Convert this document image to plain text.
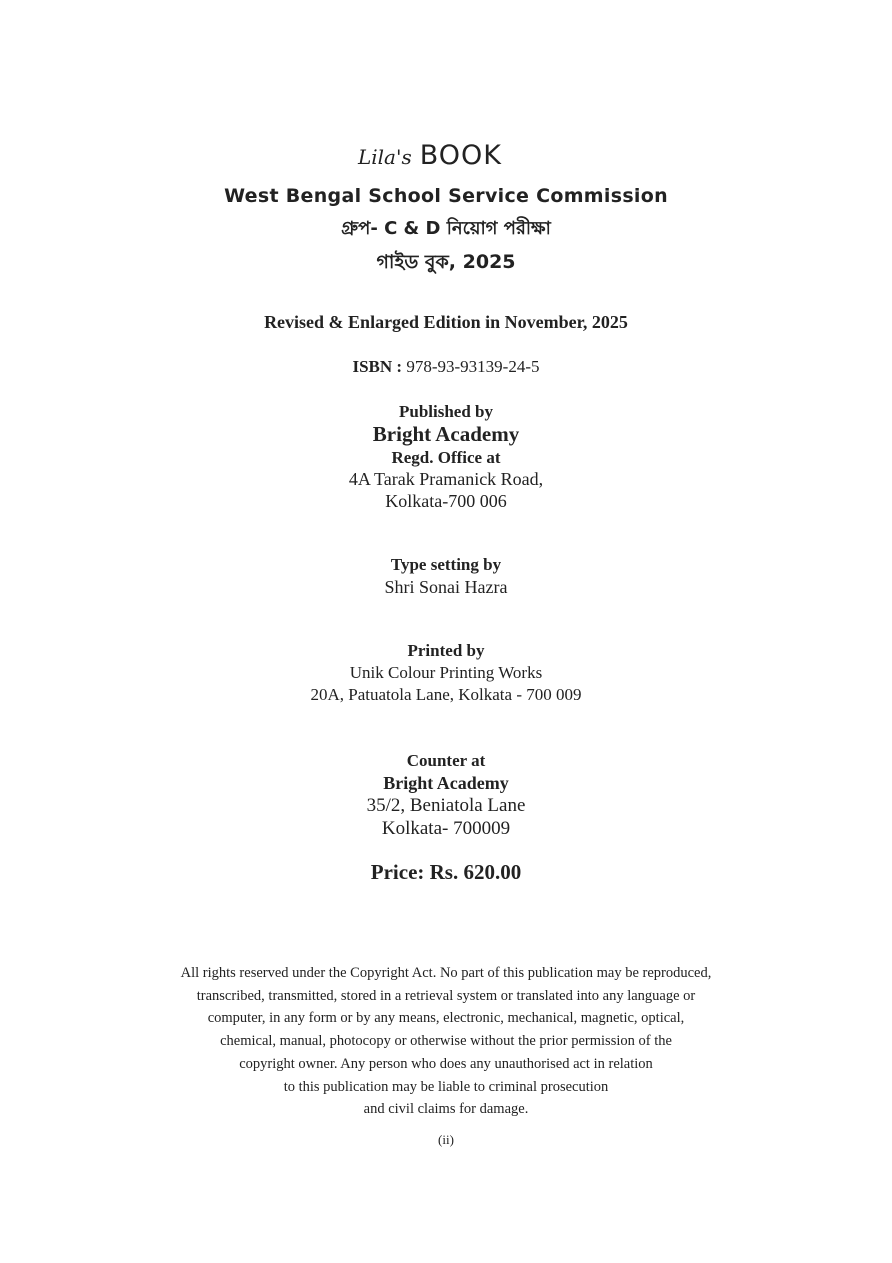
Lila's BOOK
West Bengal School Service Commission
গ্রুপ- C & D নিয়োগ পরীক্ষা
গাইড বুক, 2025
Revised & Enlarged Edition in November, 2025
ISBN : 978-93-93139-24-5
Published by
Bright Academy
Regd. Office at
4A Tarak Pramanick Road,
Kolkata-700 006
Type setting by
Shri Sonai Hazra
Printed by
Unik Colour Printing Works
20A, Patuatola Lane, Kolkata - 700 009
Counter at
Bright Academy
35/2, Beniatola Lane
Kolkata- 700009
Price: Rs. 620.00
All rights reserved under the Copyright Act. No part of this publication may be reproduced,
transcribed, transmitted, stored in a retrieval system or translated into any language or
computer, in any form or by any means, electronic, mechanical, magnetic, optical,
chemical, manual, photocopy or otherwise without the prior permission of the
copyright owner. Any person who does any unauthorised act in relation
to this publication may be liable to criminal prosecution
and civil claims for damage.
(ii)
